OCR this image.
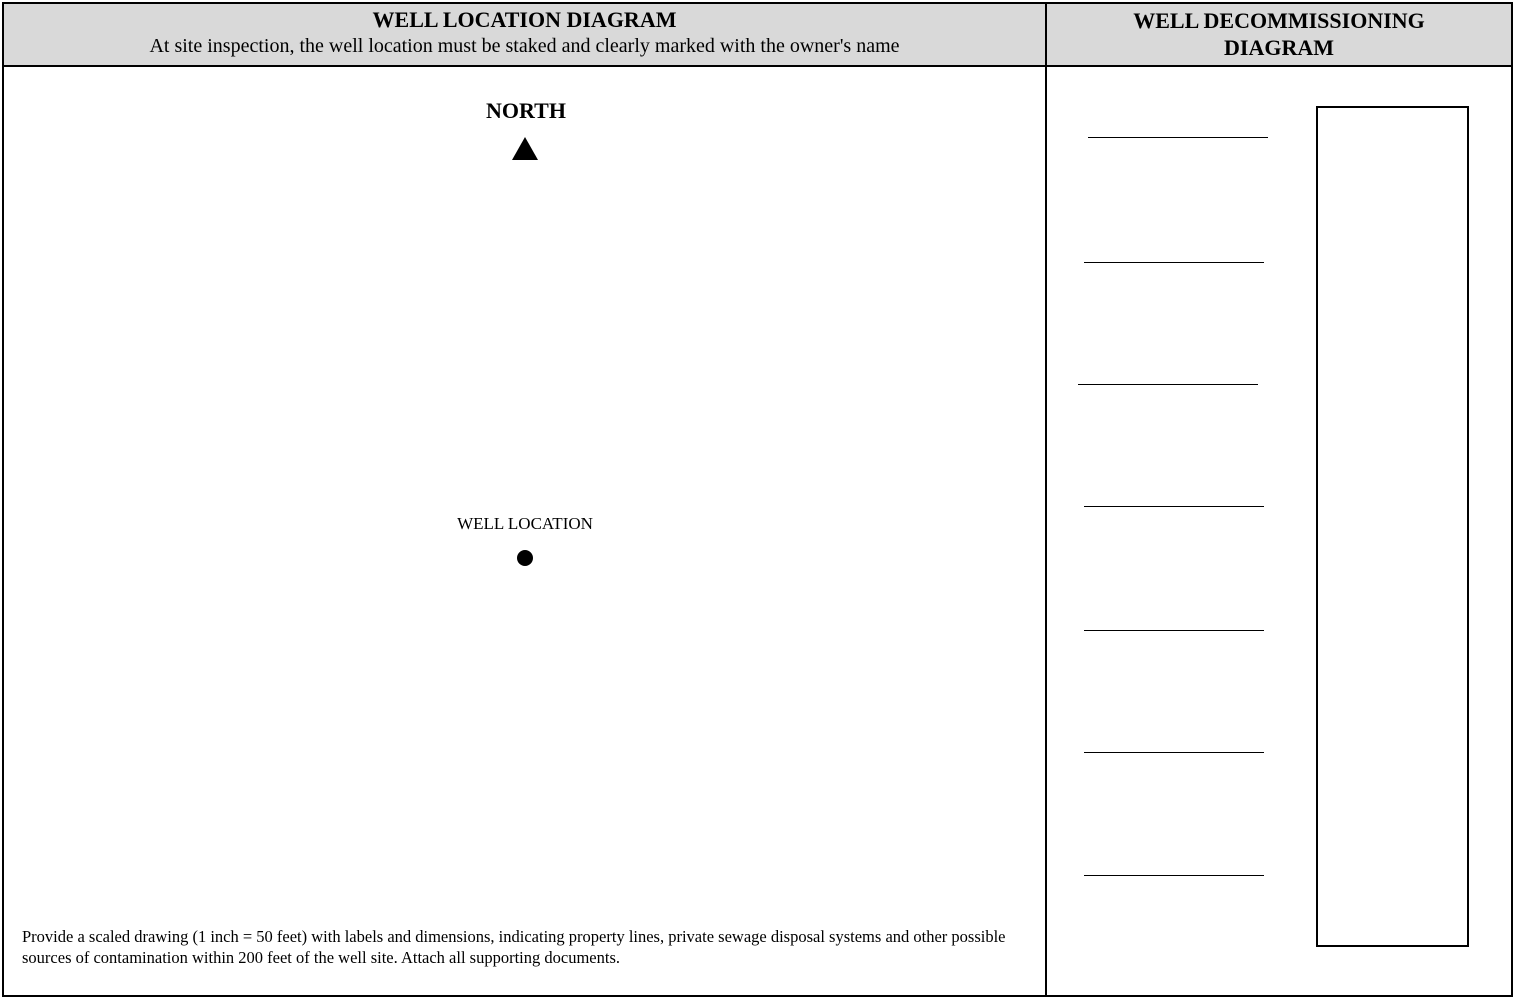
WELL LOCATION DIAGRAM
At site inspection, the well location must be staked and clearly marked with the owner's name
WELL DECOMMISSIONING
DIAGRAM
NORTH
WELL LOCATION
Provide a scaled drawing (1 inch = 50 feet) with labels and dimensions, indicating property lines, private sewage disposal systems and other possible sources of contamination within 200 feet of the well site. Attach all supporting documents.
